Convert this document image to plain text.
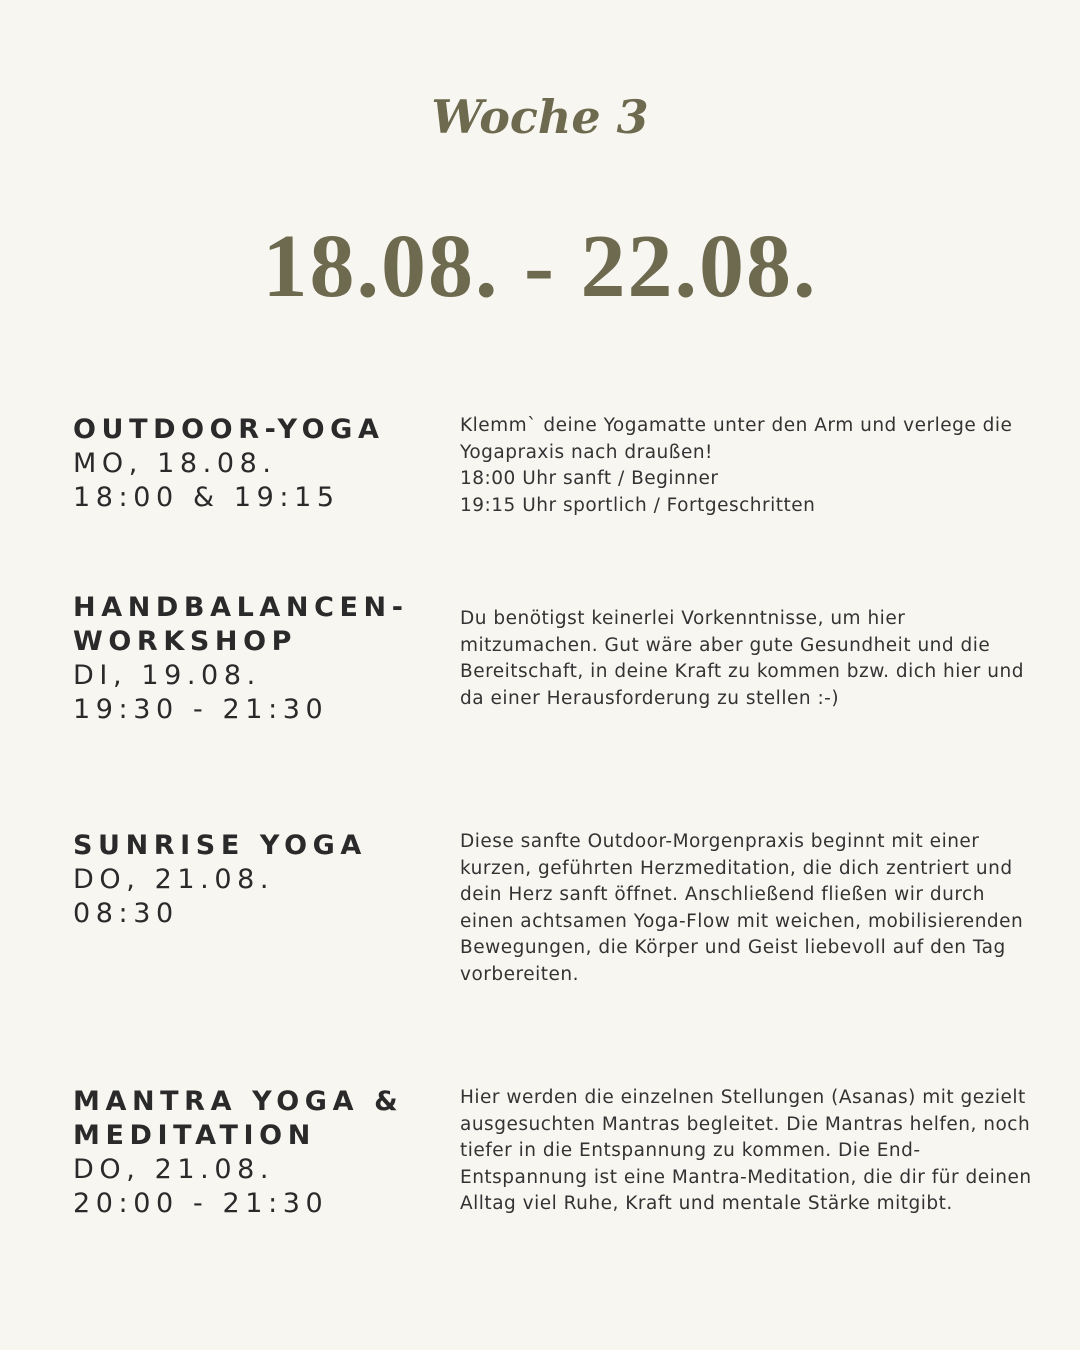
Woche 3
18.08. - 22.08.

OUTDOOR-YOGA

MO, 18.08.

18:00 & 19:15

Klemm` deine Yogamatte unter den Arm und verlege die Yogapraxis nach draußen!
18:00 Uhr sanft / Beginner
19:15 Uhr sportlich / Fortgeschritten

HANDBALANCEN-
WORKSHOP

DI, 19.08.

19:30 - 21:30

Du benötigst keinerlei Vorkenntnisse, um hier mitzumachen. Gut wäre aber gute Gesundheit und die Bereitschaft, in deine Kraft zu kommen bzw. dich hier und da einer Herausforderung zu stellen :-)

SUNRISE YOGA

DO, 21.08.

08:30

Diese sanfte Outdoor-Morgenpraxis beginnt mit einer kurzen, geführten Herzmeditation, die dich zentriert und dein Herz sanft öffnet. Anschließend fließen wir durch einen achtsamen Yoga-Flow mit weichen, mobilisierenden Bewegungen, die Körper und Geist liebevoll auf den Tag vorbereiten.

MANTRA YOGA &
MEDITATION

DO, 21.08.

20:00 - 21:30

Hier werden die einzelnen Stellungen (Asanas) mit gezielt ausgesuchten Mantras begleitet. Die Mantras helfen, noch tiefer in die Entspannung zu kommen. Die End-Entspannung ist eine Mantra-Meditation, die dir für deinen Alltag viel Ruhe, Kraft und mentale Stärke mitgibt.
